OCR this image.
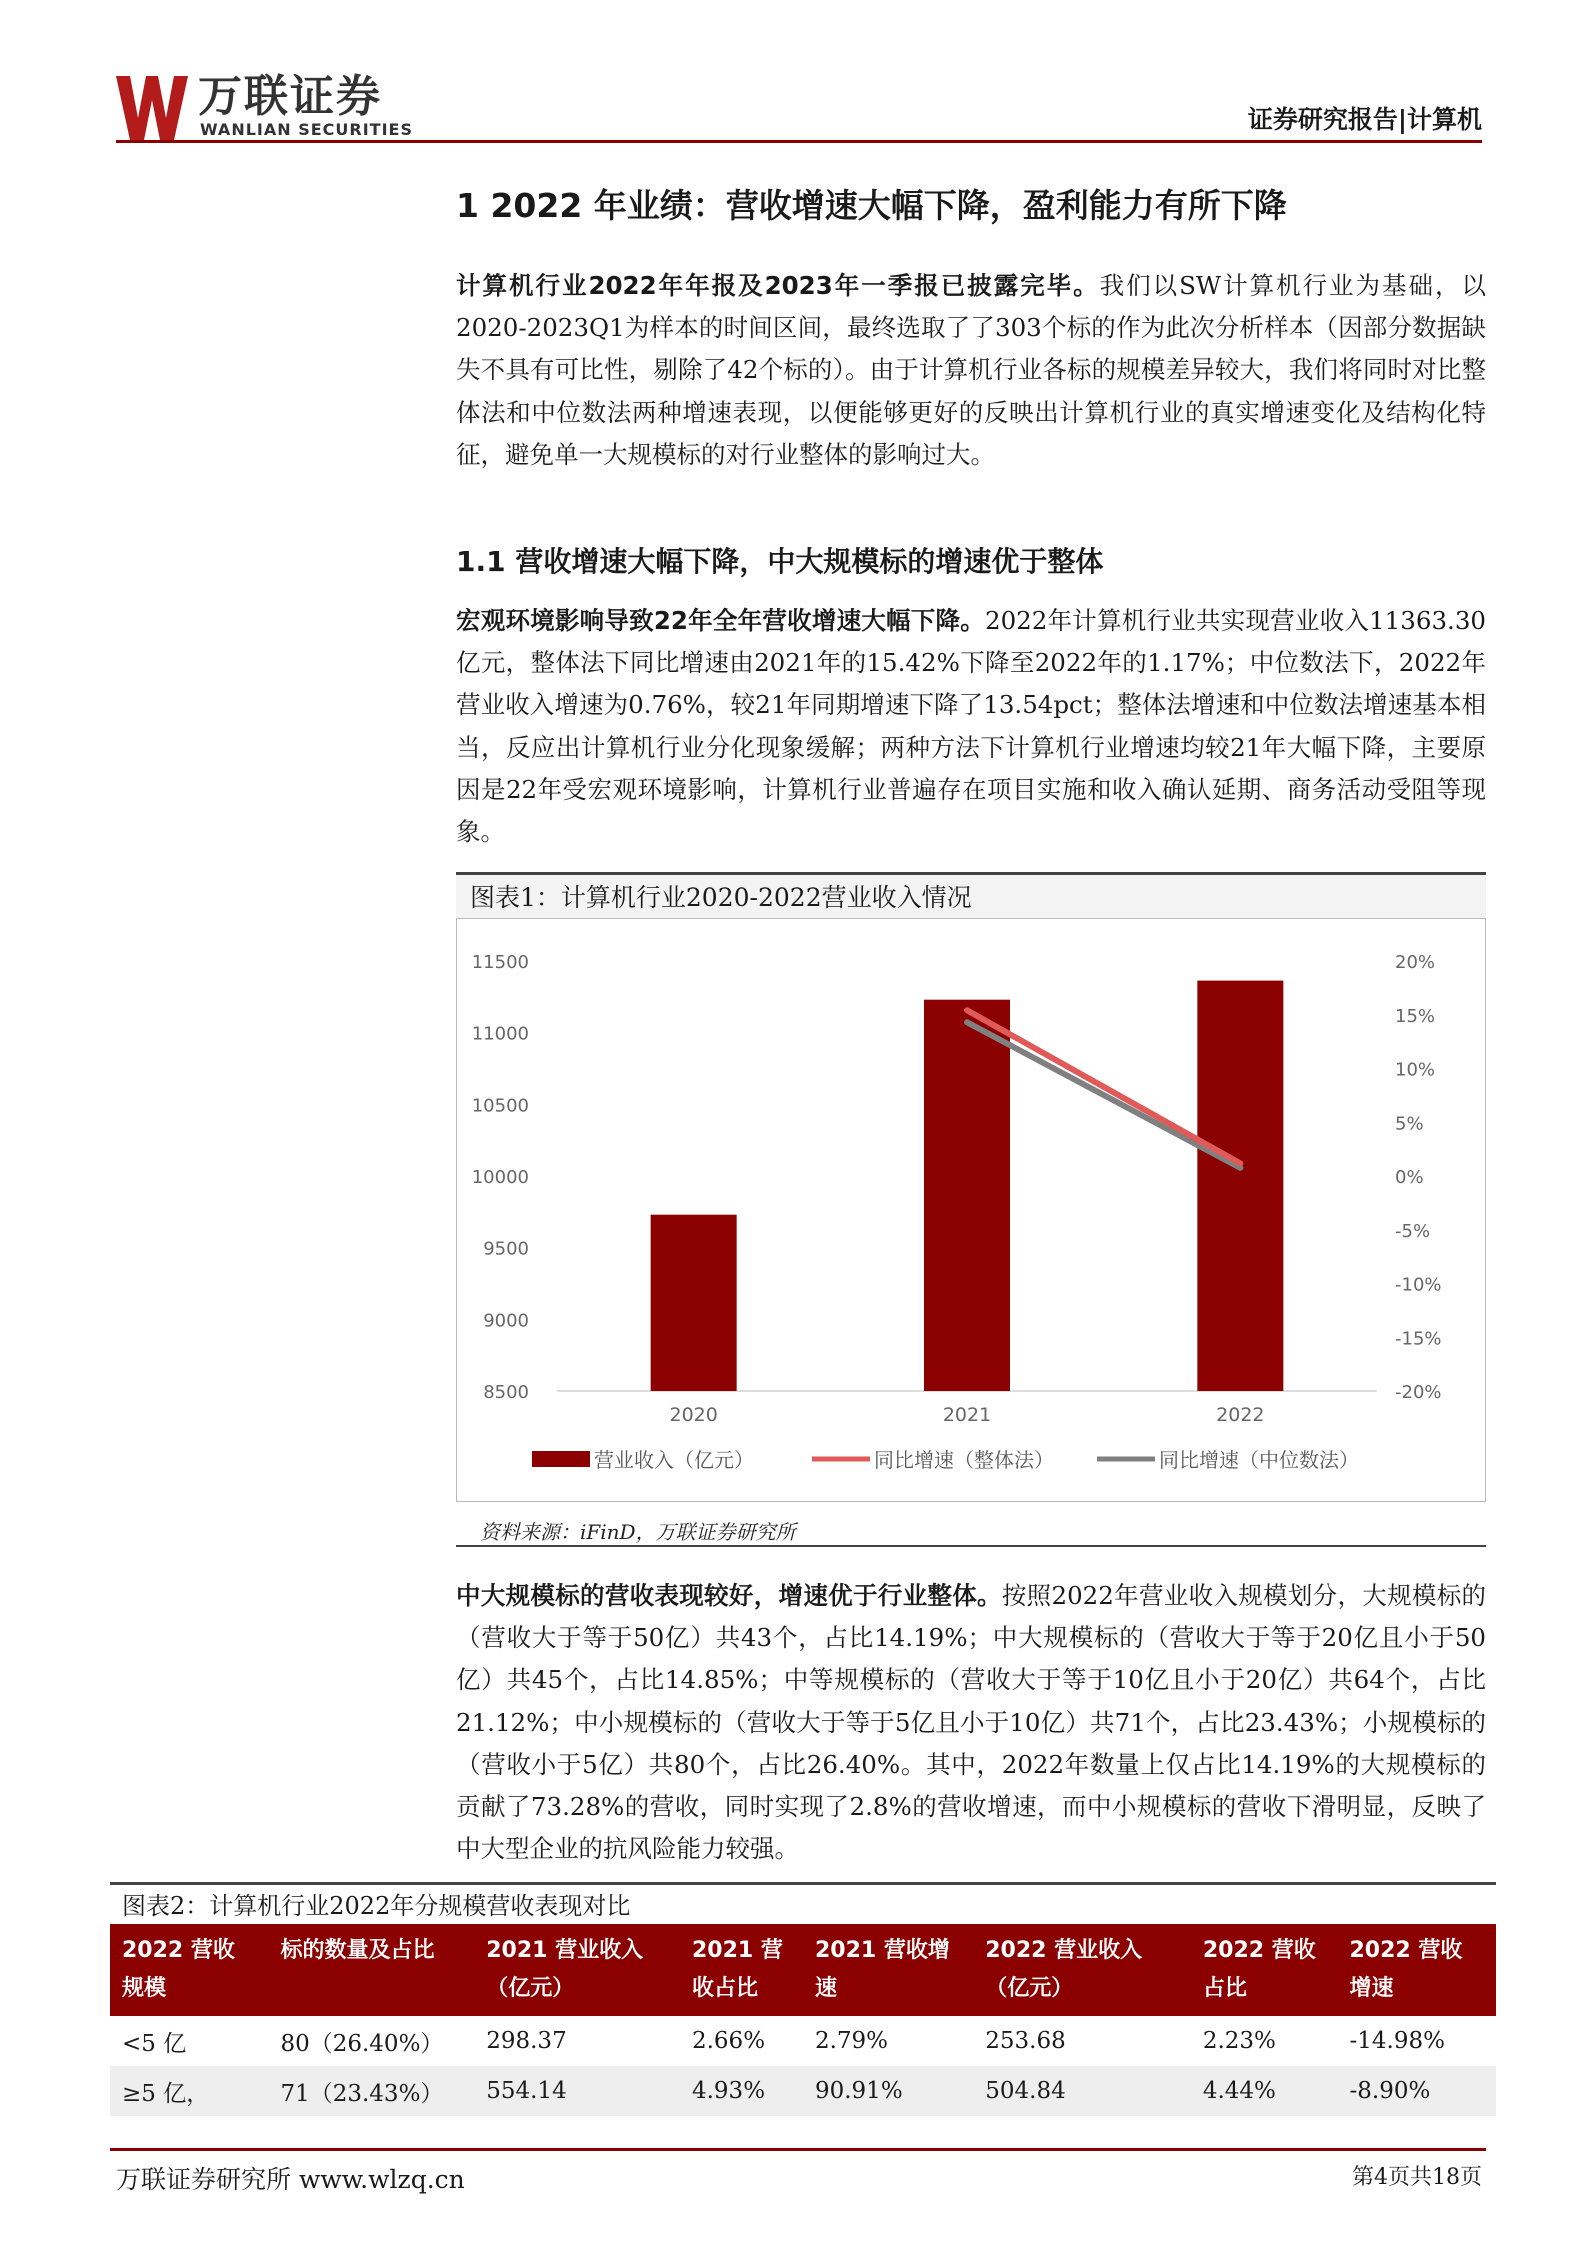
万联证券
WANLIAN SECURITIES	证券研究报告|计算机
1 2022 年业绩：营收增速大幅下降，盈利能力有所下降
计算机行业2022年年报及2023年一季报已披露完毕。我们以SW计算机行业为基础，以2020-2023Q1为样本的时间区间，最终选取了了303个标的作为此次分析样本（因部分数据缺失不具有可比性，剔除了42个标的）。由于计算机行业各标的规模差异较大，我们将同时对比整体法和中位数法两种增速表现，以便能够更好的反映出计算机行业的真实增速变化及结构化特征，避免单一大规模标的对行业整体的影响过大。
1.1 营收增速大幅下降，中大规模标的增速优于整体
宏观环境影响导致22年全年营收增速大幅下降。2022年计算机行业共实现营业收入11363.30亿元，整体法下同比增速由2021年的15.42%下降至2022年的1.17%；中位数法下，2022年营业收入增速为0.76%，较21年同期增速下降了13.54pct；整体法增速和中位数法增速基本相当，反应出计算机行业分化现象缓解；两种方法下计算机行业增速均较21年大幅下降，主要原因是22年受宏观环境影响，计算机行业普遍存在项目实施和收入确认延期、商务活动受阻等现象。
图表1：计算机行业2020-2022营业收入情况
11500
11000
10500
10000
9500
9000
8500
20%
15%
10%
5%
0%
-5%
-10%
-15%
-20%
2020	2021	2022
营业收入（亿元）	同比增速（整体法）	同比增速（中位数法）
资料来源：iFinD，万联证券研究所
中大规模标的营收表现较好，增速优于行业整体。按照2022年营业收入规模划分，大规模标的（营收大于等于50亿）共43个，占比14.19%；中大规模标的（营收大于等于20亿且小于50亿）共45个，占比14.85%；中等规模标的（营收大于等于10亿且小于20亿）共64个，占比21.12%；中小规模标的（营收大于等于5亿且小于10亿）共71个，占比23.43%；小规模标的（营收小于5亿）共80个，占比26.40%。其中，2022年数量上仅占比14.19%的大规模标的贡献了73.28%的营收，同时实现了2.8%的营收增速，而中小规模标的营收下滑明显，反映了中大型企业的抗风险能力较强。
图表2：计算机行业2022年分规模营收表现对比
2022 营收规模	标的数量及占比	2021 营业收入（亿元）	2021 营收占比	2021 营收增速	2022 营业收入（亿元）	2022 营收占比	2022 营收增速
<5 亿	80（26.40%）	298.37	2.66%	2.79%	253.68	2.23%	-14.98%
≥5 亿，	71（23.43%）	554.14	4.93%	90.91%	504.84	4.44%	-8.90%
万联证券研究所 www.wlzq.cn	第4页共18页
